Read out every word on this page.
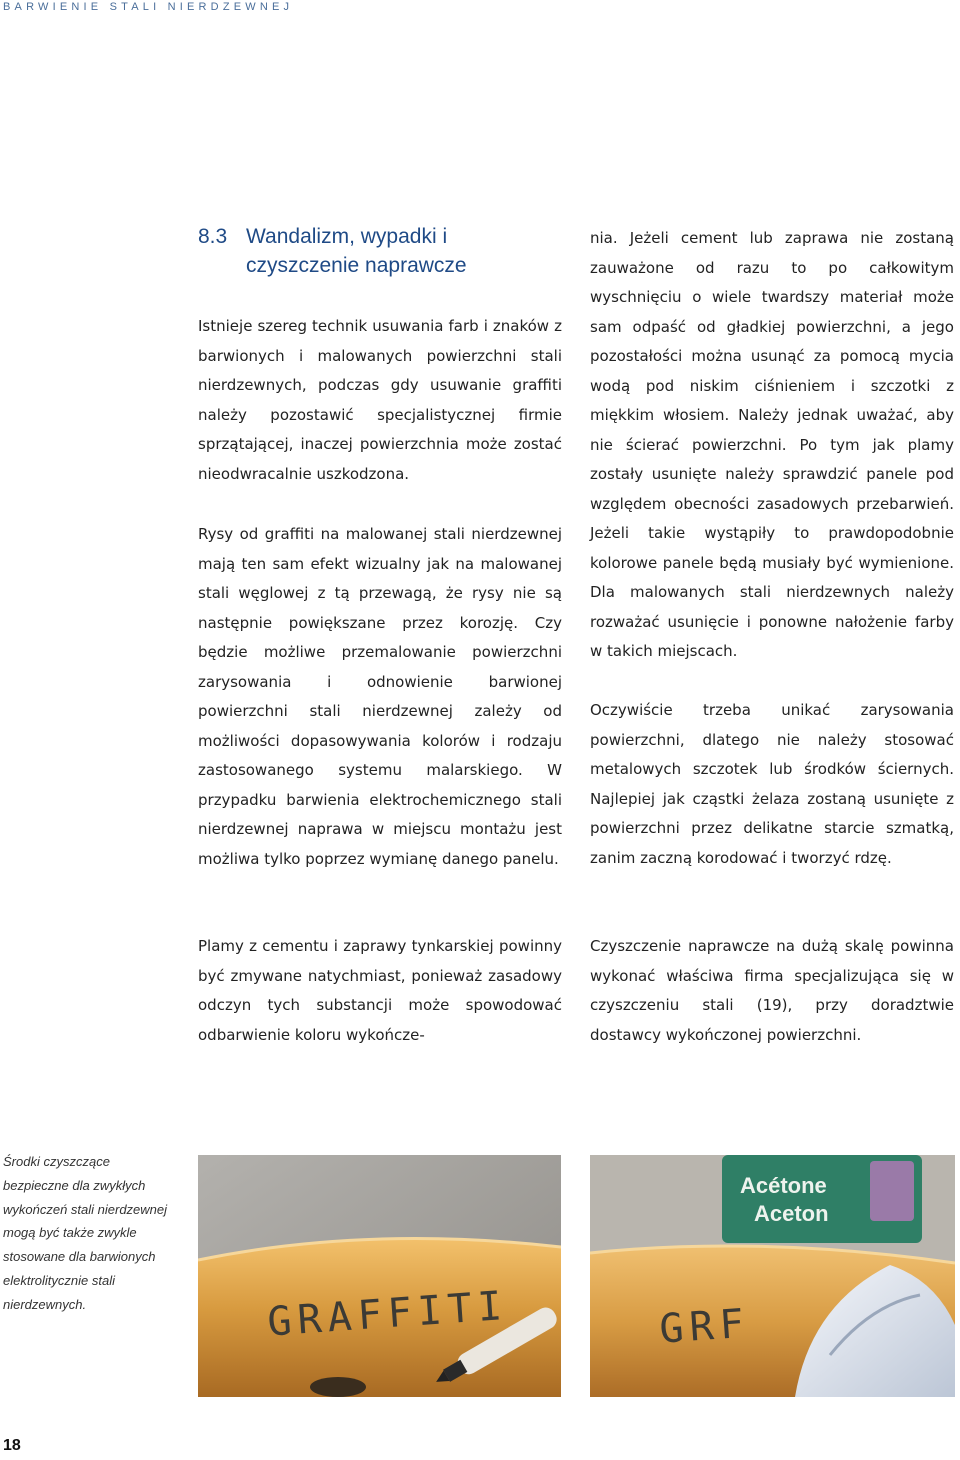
BARWIENIE STALI NIERDZEWNEJ
8.3 Wandalizm, wypadki i czyszczenie naprawcze

Istnieje szereg technik usuwania farb i znaków z barwionych i malowanych powierzchni stali nierdzewnych, podczas gdy usuwanie graffiti należy pozostawić specjalistycznej firmie sprzątającej, inaczej powierzchnia może zostać nieodwracalnie uszkodzona.

Rysy od graffiti na malowanej stali nierdzewnej mają ten sam efekt wizualny jak na malowanej stali węglowej z tą przewagą, że rysy nie są następnie powiększane przez korozję. Czy będzie możliwe przemalowanie powierzchni zarysowania i odnowienie barwionej powierzchni stali nierdzewnej zależy od możliwości dopasowywania kolorów i rodzaju zastosowanego systemu malarskiego. W przypadku barwienia elektrochemicznego stali nierdzewnej naprawa w miejscu montażu jest możliwa tylko poprzez wymianę danego panelu.

Plamy z cementu i zaprawy tynkarskiej powinny być zmywane natychmiast, ponieważ zasadowy odczyn tych substancji może spowodować odbarwienie koloru wykończe-

nia. Jeżeli cement lub zaprawa nie zostaną zauważone od razu to po całkowitym wyschnięciu o wiele twardszy materiał może sam odpaść od gładkiej powierzchni, a jego pozostałości można usunąć za pomocą mycia wodą pod niskim ciśnieniem i szczotki z miękkim włosiem. Należy jednak uważać, aby nie ścierać powierzchni. Po tym jak plamy zostały usunięte należy sprawdzić panele pod względem obecności zasadowych przebarwień. Jeżeli takie wystąpiły to prawdopodobnie kolorowe panele będą musiały być wymienione. Dla malowanych stali nierdzewnych należy rozważać usunięcie i ponowne nałożenie farby w takich miejscach.

Oczywiście trzeba unikać zarysowania powierzchni, dlatego nie należy stosować metalowych szczotek lub środków ściernych. Najlepiej jak cząstki żelaza zostaną usunięte z powierzchni przez delikatne starcie szmatką, zanim zaczną korodować i tworzyć rdzę.

Czyszczenie naprawcze na dużą skalę powinna wykonać właściwa firma specjalizująca się w czyszczeniu stali (19), przy doradztwie dostawcy wykończonej powierzchni.

Środki czyszczące bezpieczne dla zwykłych wykończeń stali nierdzewnej mogą być także zwykle stosowane dla barwionych elektrolitycznie stali nierdzewnych.	GRAFFITI
Acétone
Aceton
GRF
18
